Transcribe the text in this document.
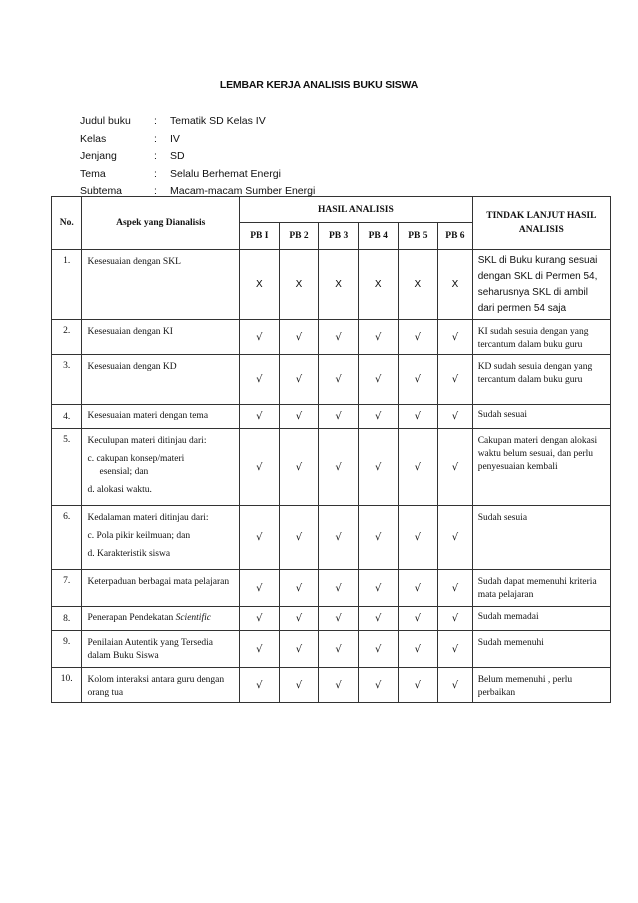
LEMBAR KERJA ANALISIS BUKU SISWA
Judul buku : Tematik SD Kelas IV
Kelas	: IV
Jenjang	: SD
Tema	: Selalu Berhemat Energi
Subtema	: Macam-macam Sumber Energi
No.	Aspek yang Dianalisis	HASIL ANALISIS						TINDAK LANJUT HASIL ANALISIS
		PB I	PB 2	PB 3	PB 4	PB 5	PB 6	
1.	Kesesuaian dengan SKL	X	X	X	X	X	X	SKL di Buku kurang sesuai dengan SKL di Permen 54, seharusnya SKL di ambil dari permen 54 saja
2.	Kesesuaian dengan KI	√	√	√	√	√	√	KI sudah sesuia dengan yang tercantum dalam buku guru
3.	Kesesuaian dengan KD	√	√	√	√	√	√	KD sudah sesuia dengan yang tercantum dalam buku guru
4.	Kesesuaian materi dengan tema	√	√	√	√	√	√	Sudah sesuai
5.	Keculupan materi ditinjau dari:
c. cakupan konsep/materi
esensial; dan
d. alokasi waktu.	√	√	√	√	√	√	Cakupan materi dengan alokasi waktu belum sesuai, dan perlu penyesuaian kembali
6.	Kedalaman materi ditinjau dari:
c. Pola pikir keilmuan; dan
d. Karakteristik siswa	√	√	√	√	√	√	Sudah sesuia
7.	Keterpaduan berbagai mata pelajaran	√	√	√	√	√	√	Sudah dapat memenuhi kriteria mata pelajaran
8.	Penerapan Pendekatan Scientific	√	√	√	√	√	√	Sudah memadai
9.	Penilaian Autentik yang Tersedia dalam Buku Siswa	√	√	√	√	√	√	Sudah memenuhi
10.	Kolom interaksi antara guru dengan orang tua	√	√	√	√	√	√	Belum memenuhi , perlu perbaikan
